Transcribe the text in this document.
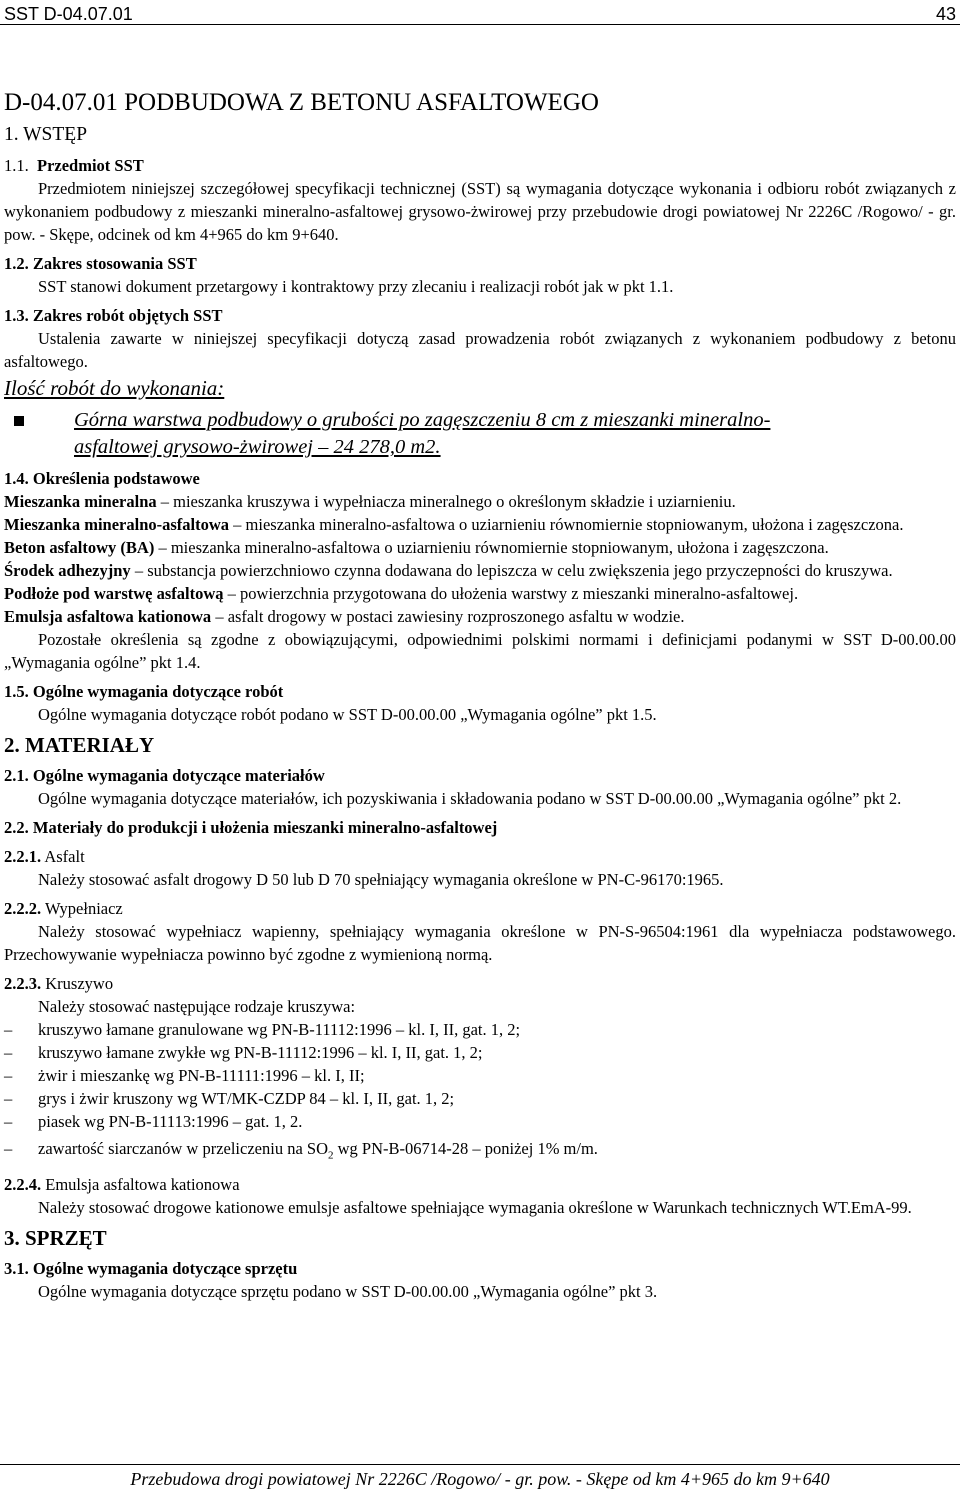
SST D-04.07.01	43
D-04.07.01 PODBUDOWA Z BETONU ASFALTOWEGO
1. WSTĘP
1.1. Przedmiot SST
Przedmiotem niniejszej szczegółowej specyfikacji technicznej (SST) są wymagania dotyczące wykonania i odbioru robót związanych z wykonaniem podbudowy z mieszanki mineralno-asfaltowej grysowo-żwirowej przy przebudowie drogi powiatowej Nr 2226C /Rogowo/ - gr. pow. - Skępe, odcinek od km 4+965 do km 9+640.
1.2. Zakres stosowania SST
SST stanowi dokument przetargowy i kontraktowy przy zlecaniu i realizacji robót jak w pkt 1.1.
1.3. Zakres robót objętych SST
Ustalenia zawarte w niniejszej specyfikacji dotyczą zasad prowadzenia robót związanych z wykonaniem podbudowy z betonu asfaltowego.
Ilość robót do wykonania:
Górna warstwa podbudowy o grubości po zagęszczeniu 8 cm z mieszanki mineralno-
asfaltowej grysowo-żwirowej – 24 278,0 m2.
1.4. Określenia podstawowe
Mieszanka mineralna – mieszanka kruszywa i wypełniacza mineralnego o określonym składzie i uziarnieniu.
Mieszanka mineralno-asfaltowa – mieszanka mineralno-asfaltowa o uziarnieniu równomiernie stopniowanym, ułożona i zagęszczona.
Beton asfaltowy (BA) – mieszanka mineralno-asfaltowa o uziarnieniu równomiernie stopniowanym, ułożona i zagęszczona.
Środek adhezyjny – substancja powierzchniowo czynna dodawana do lepiszcza w celu zwiększenia jego przyczepności do kruszywa.
Podłoże pod warstwę asfaltową – powierzchnia przygotowana do ułożenia warstwy z mieszanki mineralno-asfaltowej.
Emulsja asfaltowa kationowa – asfalt drogowy w postaci zawiesiny rozproszonego asfaltu w wodzie.
Pozostałe określenia są zgodne z obowiązującymi, odpowiednimi polskimi normami i definicjami podanymi w SST D-00.00.00 „Wymagania ogólne” pkt 1.4.
1.5. Ogólne wymagania dotyczące robót
Ogólne wymagania dotyczące robót podano w SST D-00.00.00 „Wymagania ogólne” pkt 1.5.
2. MATERIAŁY
2.1. Ogólne wymagania dotyczące materiałów
Ogólne wymagania dotyczące materiałów, ich pozyskiwania i składowania podano w SST D-00.00.00 „Wymagania ogólne” pkt 2.
2.2. Materiały do produkcji i ułożenia mieszanki mineralno-asfaltowej
2.2.1. Asfalt
Należy stosować asfalt drogowy D 50 lub D 70 spełniający wymagania określone w PN-C-96170:1965.
2.2.2. Wypełniacz
Należy stosować wypełniacz wapienny, spełniający wymagania określone w PN-S-96504:1961 dla wypełniacza podstawowego. Przechowywanie wypełniacza powinno być zgodne z wymienioną normą.
2.2.3. Kruszywo
Należy stosować następujące rodzaje kruszywa:
– kruszywo łamane granulowane wg PN-B-11112:1996 – kl. I, II, gat. 1, 2;
– kruszywo łamane zwykłe wg PN-B-11112:1996 – kl. I, II, gat. 1, 2;
– żwir i mieszankę wg PN-B-11111:1996 – kl. I, II;
– grys i żwir kruszony wg WT/MK-CZDP 84 – kl. I, II, gat. 1, 2;
– piasek wg PN-B-11113:1996 – gat. 1, 2.
– zawartość siarczanów w przeliczeniu na $SO_2$ wg PN-B-06714-28 – poniżej 1% m/m.
2.2.4. Emulsja asfaltowa kationowa
Należy stosować drogowe kationowe emulsje asfaltowe spełniające wymagania określone w Warunkach technicznych WT.EmA-99.
3. SPRZĘT
3.1. Ogólne wymagania dotyczące sprzętu
Ogólne wymagania dotyczące sprzętu podano w SST D-00.00.00 „Wymagania ogólne” pkt 3.
Przebudowa drogi powiatowej Nr 2226C /Rogowo/ - gr. pow. - Skępe od km 4+965 do km 9+640
